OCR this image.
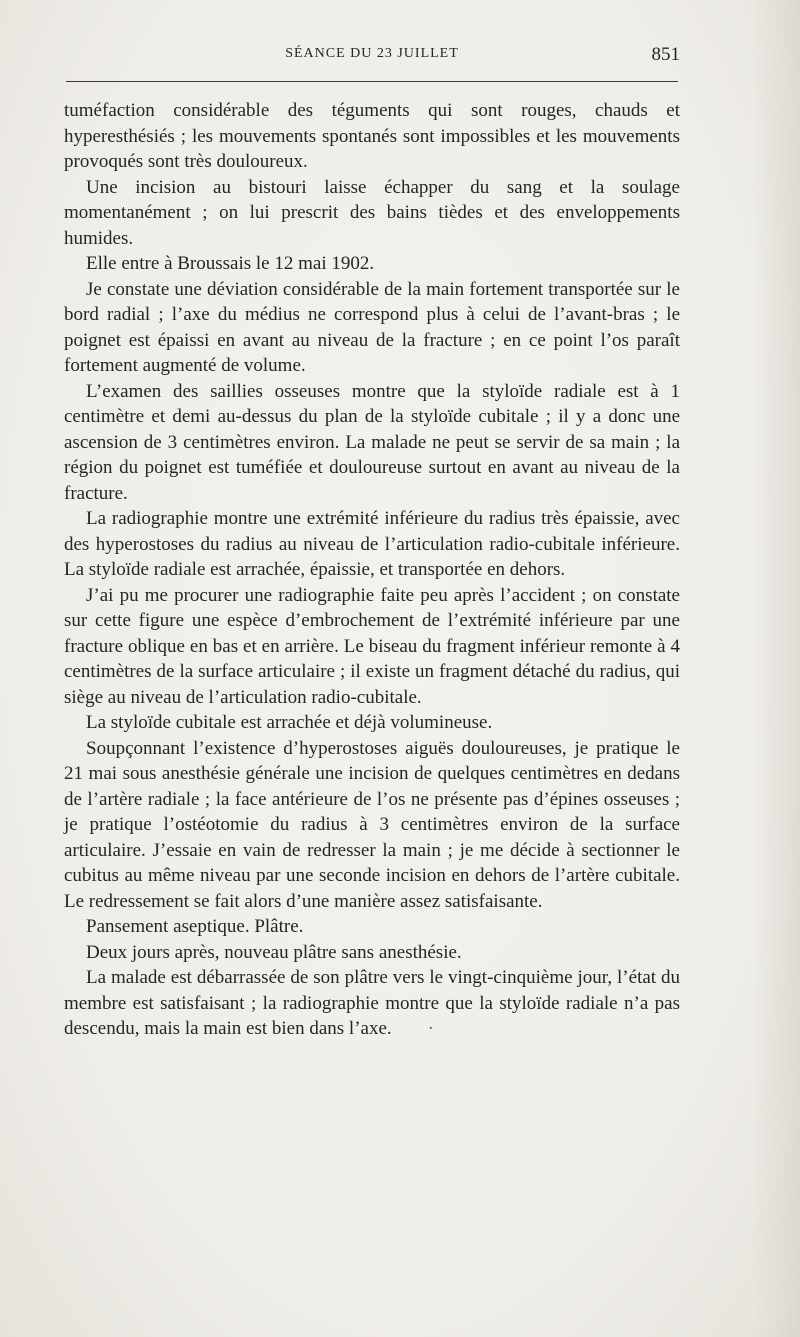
SÉANCE DU 23 JUILLET	851

tuméfaction considérable des téguments qui sont rouges, chauds et hyperesthésiés ; les mouvements spontanés sont impossibles et les mouvements provoqués sont très douloureux.

Une incision au bistouri laisse échapper du sang et la soulage momentanément ; on lui prescrit des bains tièdes et des enveloppements humides.

Elle entre à Broussais le 12 mai 1902.

Je constate une déviation considérable de la main fortement transportée sur le bord radial ; l’axe du médius ne correspond plus à celui de l’avant-bras ; le poignet est épaissi en avant au niveau de la fracture ; en ce point l’os paraît fortement augmenté de volume.

L’examen des saillies osseuses montre que la styloïde radiale est à 1 centimètre et demi au-dessus du plan de la styloïde cubitale ; il y a donc une ascension de 3 centimètres environ. La malade ne peut se servir de sa main ; la région du poignet est tuméfiée et douloureuse surtout en avant au niveau de la fracture.

La radiographie montre une extrémité inférieure du radius très épaissie, avec des hyperostoses du radius au niveau de l’articulation radio-cubitale inférieure. La styloïde radiale est arrachée, épaissie, et transportée en dehors.

J’ai pu me procurer une radiographie faite peu après l’accident ; on constate sur cette figure une espèce d’embrochement de l’extrémité inférieure par une fracture oblique en bas et en arrière. Le biseau du fragment inférieur remonte à 4 centimètres de la surface articulaire ; il existe un fragment détaché du radius, qui siège au niveau de l’articulation radio-cubitale.

La styloïde cubitale est arrachée et déjà volumineuse.

Soupçonnant l’existence d’hyperostoses aiguës douloureuses, je pratique le 21 mai sous anesthésie générale une incision de quelques centimètres en dedans de l’artère radiale ; la face antérieure de l’os ne présente pas d’épines osseuses ; je pratique l’ostéotomie du radius à 3 centimètres environ de la surface articulaire. J’essaie en vain de redresser la main ; je me décide à sectionner le cubitus au même niveau par une seconde incision en dehors de l’artère cubitale. Le redressement se fait alors d’une manière assez satisfaisante.

Pansement aseptique. Plâtre.

Deux jours après, nouveau plâtre sans anesthésie.

La malade est débarrassée de son plâtre vers le vingt-cinquième jour, l’état du membre est satisfaisant ; la radiographie montre que la styloïde radiale n’a pas descendu, mais la main est bien dans l’axe. ·
